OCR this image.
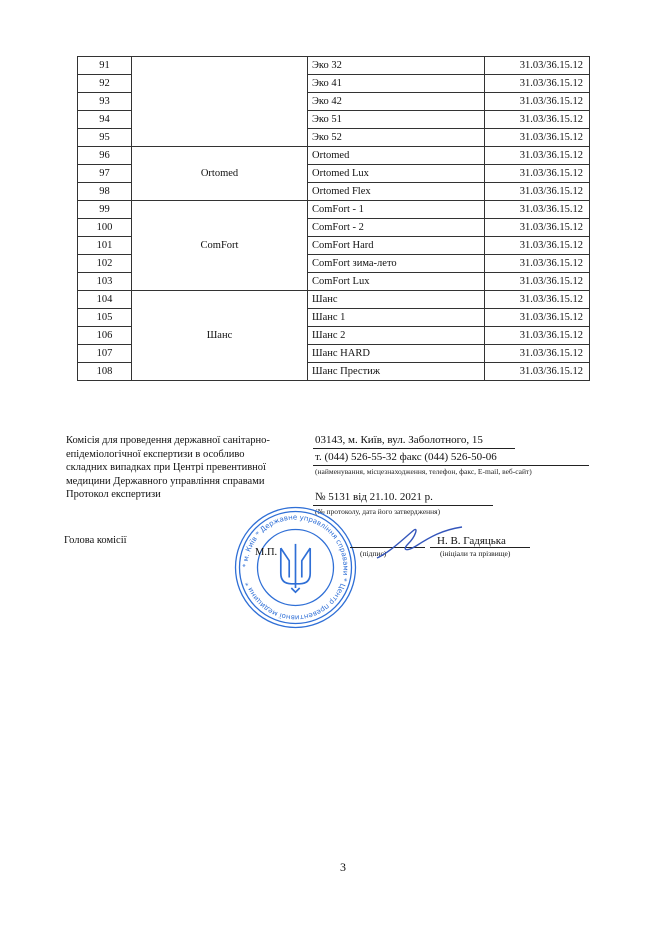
91		Эко 32	31.03/36.15.12
92		Эко 41	31.03/36.15.12
93		Эко 42	31.03/36.15.12
94		Эко 51	31.03/36.15.12
95		Эко 52	31.03/36.15.12
96	Ortomed	Ortomed	31.03/36.15.12
97		Ortomed Lux	31.03/36.15.12
98		Ortomed Flex	31.03/36.15.12
99	ComFort	ComFort - 1	31.03/36.15.12
100		ComFort - 2	31.03/36.15.12
101		ComFort Hard	31.03/36.15.12
102		ComFort зима-лето	31.03/36.15.12
103		ComFort Lux	31.03/36.15.12
104	Шанс	Шанс	31.03/36.15.12
105		Шанс 1	31.03/36.15.12
106		Шанс 2	31.03/36.15.12
107		Шанс HARD	31.03/36.15.12
108		Шанс Престиж	31.03/36.15.12
Комісія для проведення державної санітарно-
епідеміологічної експертизи в особливо
складних випадках при Центрі превентивної
медицини Державного управління справами
Протокол експертизи
03143, м. Київ, вул. Заболотного, 15
т. (044) 526-55-32 факс (044) 526-50-06
(найменування, місцезнаходження, телефон, факс, E-mail, веб-сайт)
№ 5131 від 21.10. 2021 р.
(№ протоколу, дата його затвердження)
Голова комісії
* м. Київ * Державне управління справами * Центр превентивної медицини *
М.П.	(підпис)
Н. В. Гадяцька
(ініціали та прізвище)
3
